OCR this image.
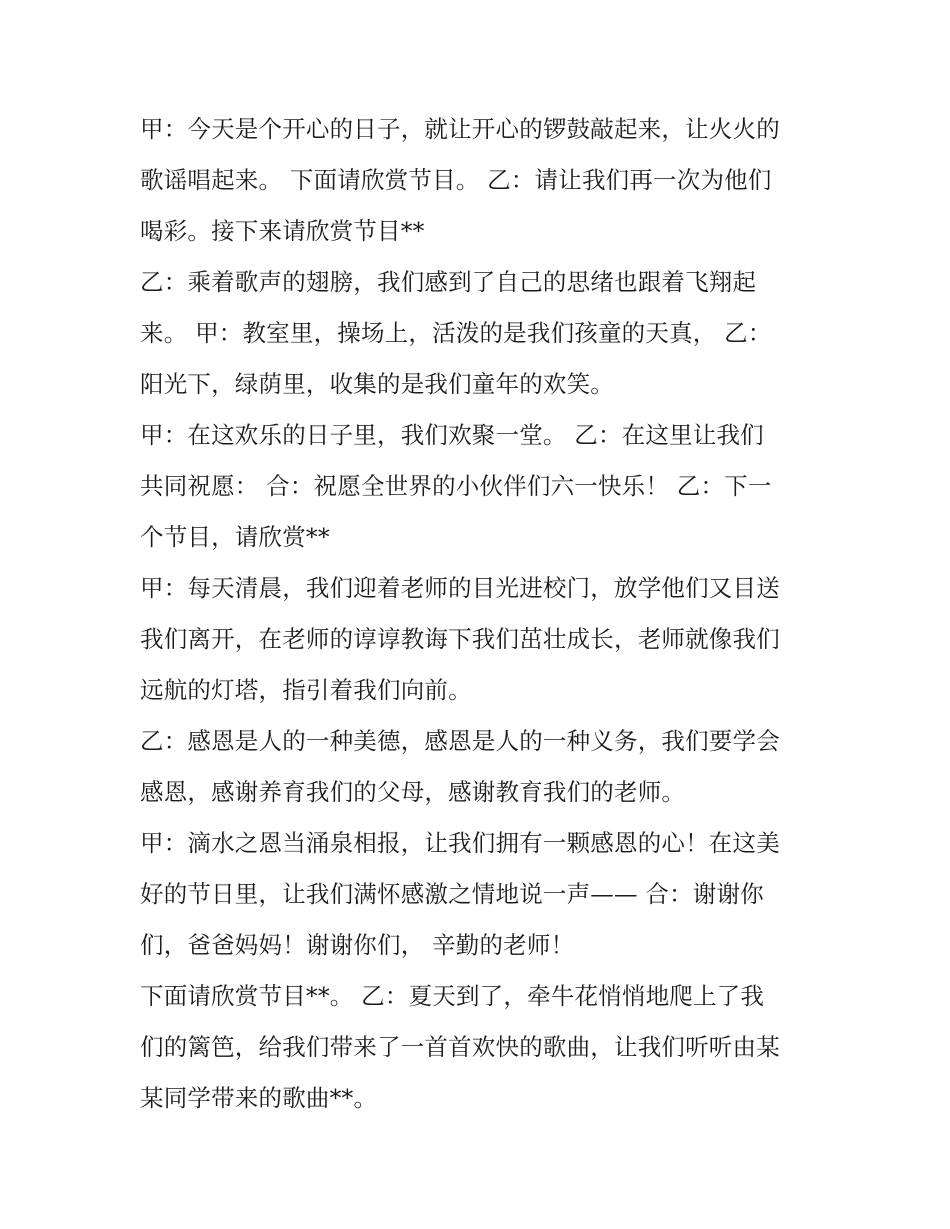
甲：今天是个开心的日子，就让开心的锣鼓敲起来，让火火的
歌谣唱起来。 下面请欣赏节目。 乙：请让我们再一次为他们
喝彩。接下来请欣赏节目**

乙：乘着歌声的翅膀，我们感到了自己的思绪也跟着飞翔起
来。 甲：教室里，操场上，活泼的是我们孩童的天真， 乙：
阳光下，绿荫里，收集的是我们童年的欢笑。

甲：在这欢乐的日子里，我们欢聚一堂。 乙：在这里让我们
共同祝愿： 合：祝愿全世界的小伙伴们六一快乐！ 乙：下一
个节目，请欣赏**

甲：每天清晨，我们迎着老师的目光进校门，放学他们又目送
我们离开，在老师的谆谆教诲下我们茁壮成长，老师就像我们
远航的灯塔，指引着我们向前。

乙：感恩是人的一种美德，感恩是人的一种义务，我们要学会
感恩，感谢养育我们的父母，感谢教育我们的老师。

甲：滴水之恩当涌泉相报，让我们拥有一颗感恩的心！在这美
好的节日里，让我们满怀感激之情地说一声—— 合：谢谢你
们，爸爸妈妈！谢谢你们， 辛勤的老师！

下面请欣赏节目**。 乙：夏天到了，牵牛花悄悄地爬上了我
们的篱笆，给我们带来了一首首欢快的歌曲，让我们听听由某
某同学带来的歌曲**。
